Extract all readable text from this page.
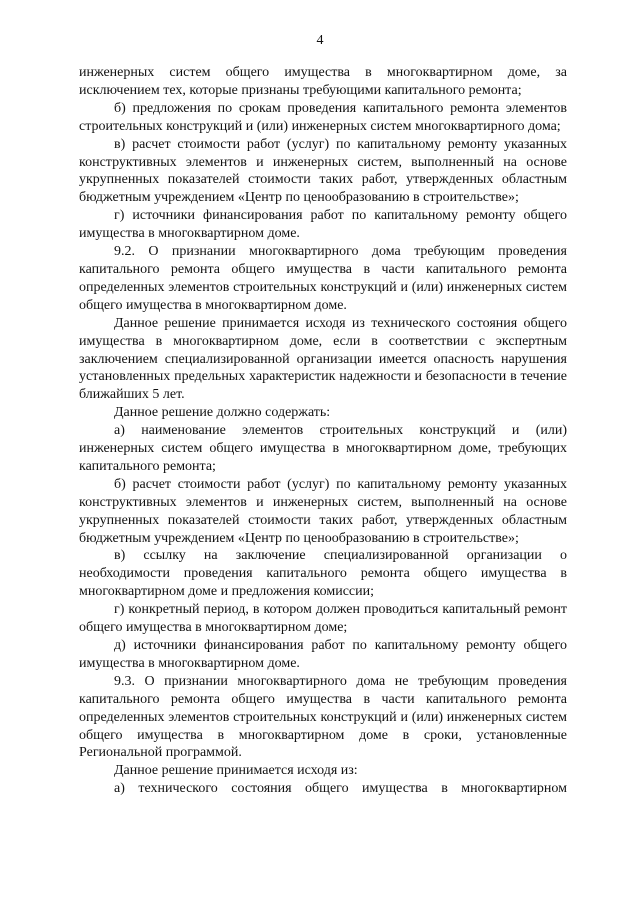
4

инженерных систем общего имущества в многоквартирном доме, за исключением тех, которые признаны требующими капитального ремонта;

б) предложения по срокам проведения капитального ремонта элементов строительных конструкций и (или) инженерных систем многоквартирного дома;

в) расчет стоимости работ (услуг) по капитальному ремонту указанных конструктивных элементов и инженерных систем, выполненный на основе укрупненных показателей стоимости таких работ, утвержденных областным бюджетным учреждением «Центр по ценообразованию в строительстве»;

г) источники финансирования работ по капитальному ремонту общего имущества в многоквартирном доме.

9.2. О признании многоквартирного дома требующим проведения капитального ремонта общего имущества в части капитального ремонта определенных элементов строительных конструкций и (или) инженерных систем общего имущества в многоквартирном доме.

Данное решение принимается исходя из технического состояния общего имущества в многоквартирном доме, если в соответствии с экспертным заключением специализированной организации имеется опасность нарушения установленных предельных характеристик надежности и безопасности в течение ближайших 5 лет.

Данное решение должно содержать:

а) наименование элементов строительных конструкций и (или) инженерных систем общего имущества в многоквартирном доме, требующих капитального ремонта;

б) расчет стоимости работ (услуг) по капитальному ремонту указанных конструктивных элементов и инженерных систем, выполненный на основе укрупненных показателей стоимости таких работ, утвержденных областным бюджетным учреждением «Центр по ценообразованию в строительстве»;

в) ссылку на заключение специализированной организации о необходимости проведения капитального ремонта общего имущества в многоквартирном доме и предложения комиссии;

г) конкретный период, в котором должен проводиться капитальный ремонт общего имущества в многоквартирном доме;

д) источники финансирования работ по капитальному ремонту общего имущества в многоквартирном доме.

9.3. О признании многоквартирного дома не требующим проведения капитального ремонта общего имущества в части капитального ремонта определенных элементов строительных конструкций и (или) инженерных систем общего имущества в многоквартирном доме в сроки, установленные Региональной программой.

Данное решение принимается исходя из:

а) технического состояния общего имущества в многоквартирном
